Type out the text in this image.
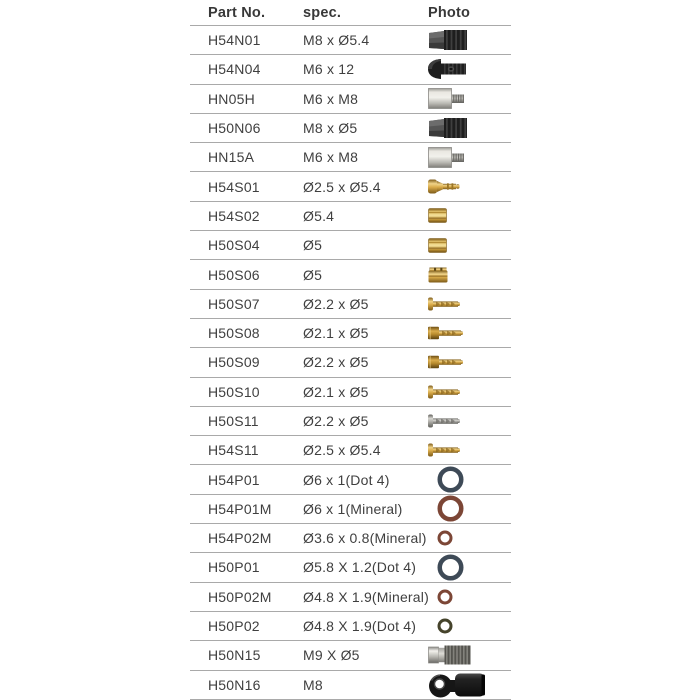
Part No.	spec.	Photo
H54N01	M8 x Ø5.4
H54N04	M6 x 12
HN05H	M6 x M8
H50N06	M8 x Ø5
HN15A	M6 x M8
H54S01	Ø2.5 x Ø5.4
H54S02	Ø5.4
H50S04	Ø5
H50S06	Ø5
H50S07	Ø2.2 x Ø5
H50S08	Ø2.1 x Ø5
H50S09	Ø2.2 x Ø5
H50S10	Ø2.1 x Ø5
H50S11	Ø2.2 x Ø5
H54S11	Ø2.5 x Ø5.4
H54P01	Ø6 x 1(Dot 4)
H54P01M	Ø6 x 1(Mineral)
H54P02M	Ø3.6 x 0.8(Mineral)
H50P01	Ø5.8 X 1.2(Dot 4)
H50P02M	Ø4.8 X 1.9(Mineral)
H50P02	Ø4.8 X 1.9(Dot 4)
H50N15	M9 X Ø5
H50N16	M8
